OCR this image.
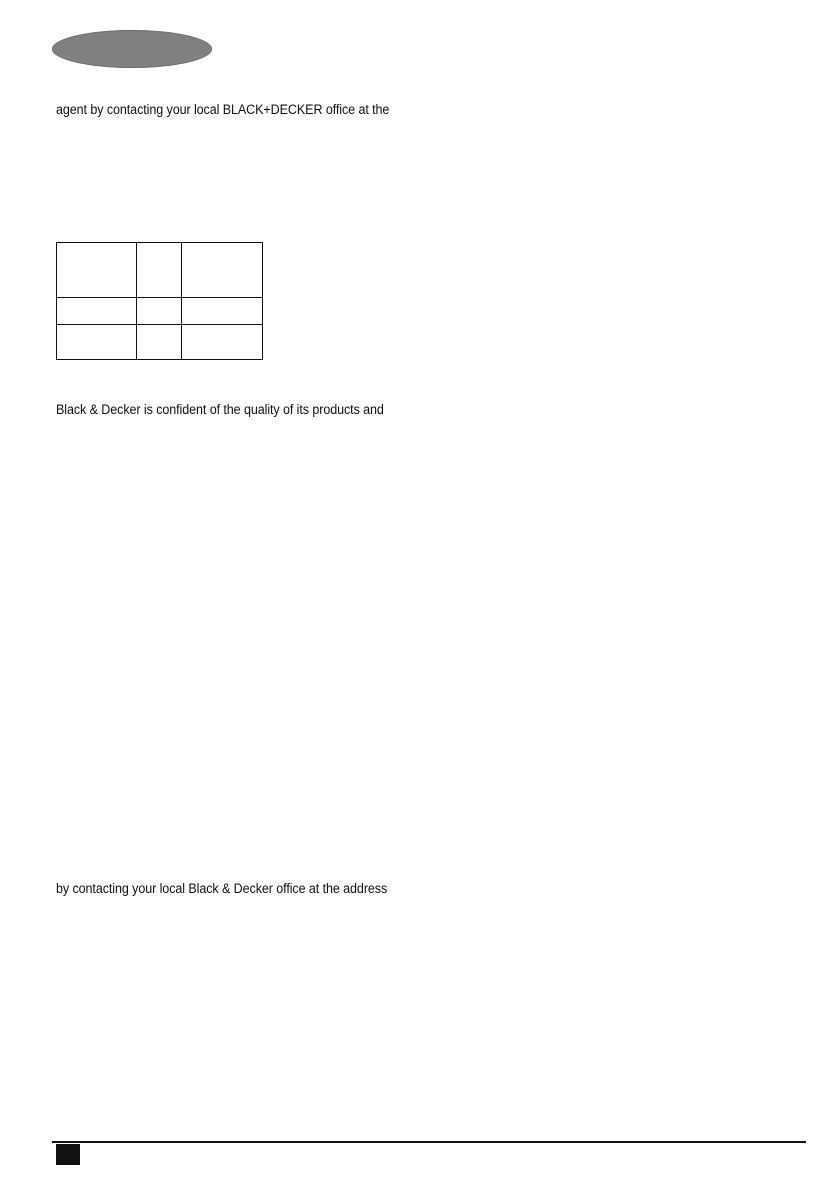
agent by contacting your local BLACK+DECKER office at the

Black & Decker is confident of the quality of its products and
by contacting your local Black & Decker office at the address
